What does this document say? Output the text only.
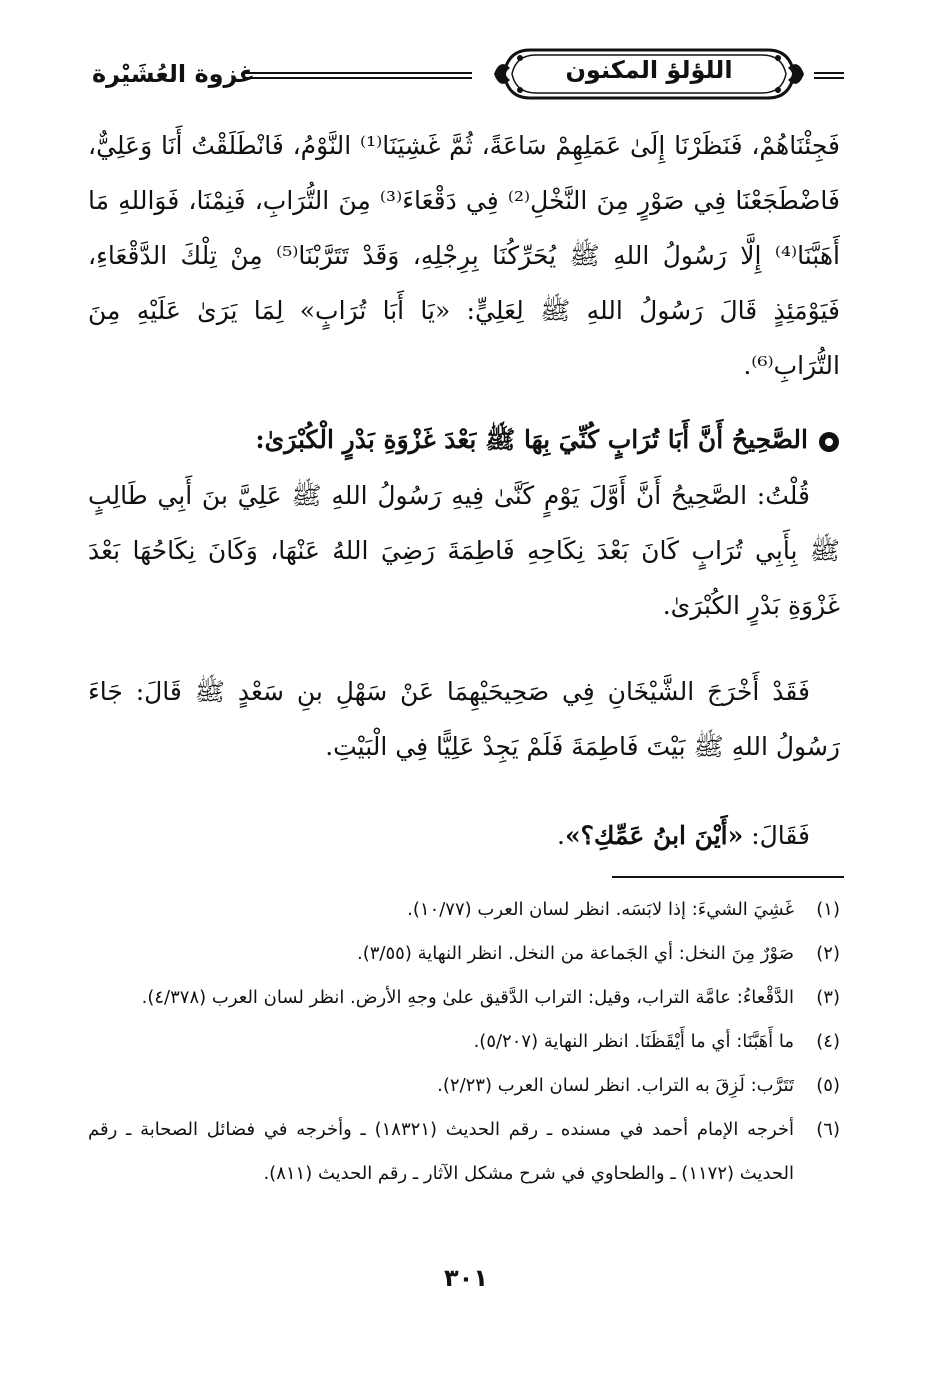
اللؤلؤ المكنون
غزوة العُشَيْرة
فَجِئْنَاهُمْ، فَنَظَرْنَا إِلَىٰ عَمَلِهِمْ سَاعَةً، ثُمَّ غَشِيَنَا⁽¹⁾ النَّوْمُ، فَانْطَلَقْتُ أَنَا وَعَلِيٌّ، فَاضْطَجَعْنَا فِي صَوْرٍ مِنَ النَّخْلِ⁽²⁾ فِي دَقْعَاءَ⁽³⁾ مِنَ التُّرَابِ، فَنِمْنَا، فَوَاللهِ مَا أَهَبَّنَا⁽⁴⁾ إِلَّا رَسُولُ اللهِ ﷺ يُحَرِّكُنَا بِرِجْلِهِ، وَقَدْ تَتَرَّبْنَا⁽⁵⁾ مِنْ تِلْكَ الدَّقْعَاءِ، فَيَوْمَئِذٍ قَالَ رَسُولُ اللهِ ﷺ لِعَلِيٍّ: «يَا أَبَا تُرَابٍ» لِمَا يَرَىٰ عَلَيْهِ مِنَ التُّرَابِ⁽⁶⁾.
الصَّحِيحُ أَنَّ أَبَا تُرَابٍ كُنِّيَ بِهَا ﷺ بَعْدَ غَزْوَةِ بَدْرٍ الْكُبْرَىٰ:
قُلْتُ: الصَّحِيحُ أَنَّ أَوَّلَ يَوْمٍ كَنَّىٰ فِيهِ رَسُولُ اللهِ ﷺ عَلِيَّ بنَ أَبِي طَالِبٍ ﷺ بِأَبِي تُرَابٍ كَانَ بَعْدَ نِكَاحِهِ فَاطِمَةَ رَضِيَ اللهُ عَنْهَا، وَكَانَ نِكَاحُهَا بَعْدَ غَزْوَةِ بَدْرٍ الكُبْرَىٰ.
فَقَدْ أَخْرَجَ الشَّيْخَانِ فِي صَحِيحَيْهِمَا عَنْ سَهْلِ بنِ سَعْدٍ ﷺ قَالَ: جَاءَ رَسُولُ اللهِ ﷺ بَيْتَ فَاطِمَةَ فَلَمْ يَجِدْ عَلِيًّا فِي الْبَيْتِ.
فَقَالَ: «أَيْنَ ابنُ عَمِّكِ؟».
(١)
غَشِيَ الشيءَ: إذا لابَسَه. انظر لسان العرب (١٠/٧٧).
(٢)
صَوْرٌ مِنَ النخل: أي الجَماعة من النخل. انظر النهاية (٣/٥٥).
(٣)
الدَّقْعاءُ: عامَّة التراب، وقيل: التراب الدَّقيق علىٰ وجهِ الأرض. انظر لسان العرب (٤/٣٧٨).
(٤)
ما أَهَبَّنَا: أي ما أَيْقَظَنَا. انظر النهاية (٥/٢٠٧).
(٥)
تَتَرَّب: لَزِقَ به التراب. انظر لسان العرب (٢/٢٣).
(٦)
أخرجه الإمام أحمد في مسنده ـ رقم الحديث (١٨٣٢١) ـ وأخرجه في فضائل الصحابة ـ رقم الحديث (١١٧٢) ـ والطحاوي في شرح مشكل الآثار ـ رقم الحديث (٨١١).
٣٠١
